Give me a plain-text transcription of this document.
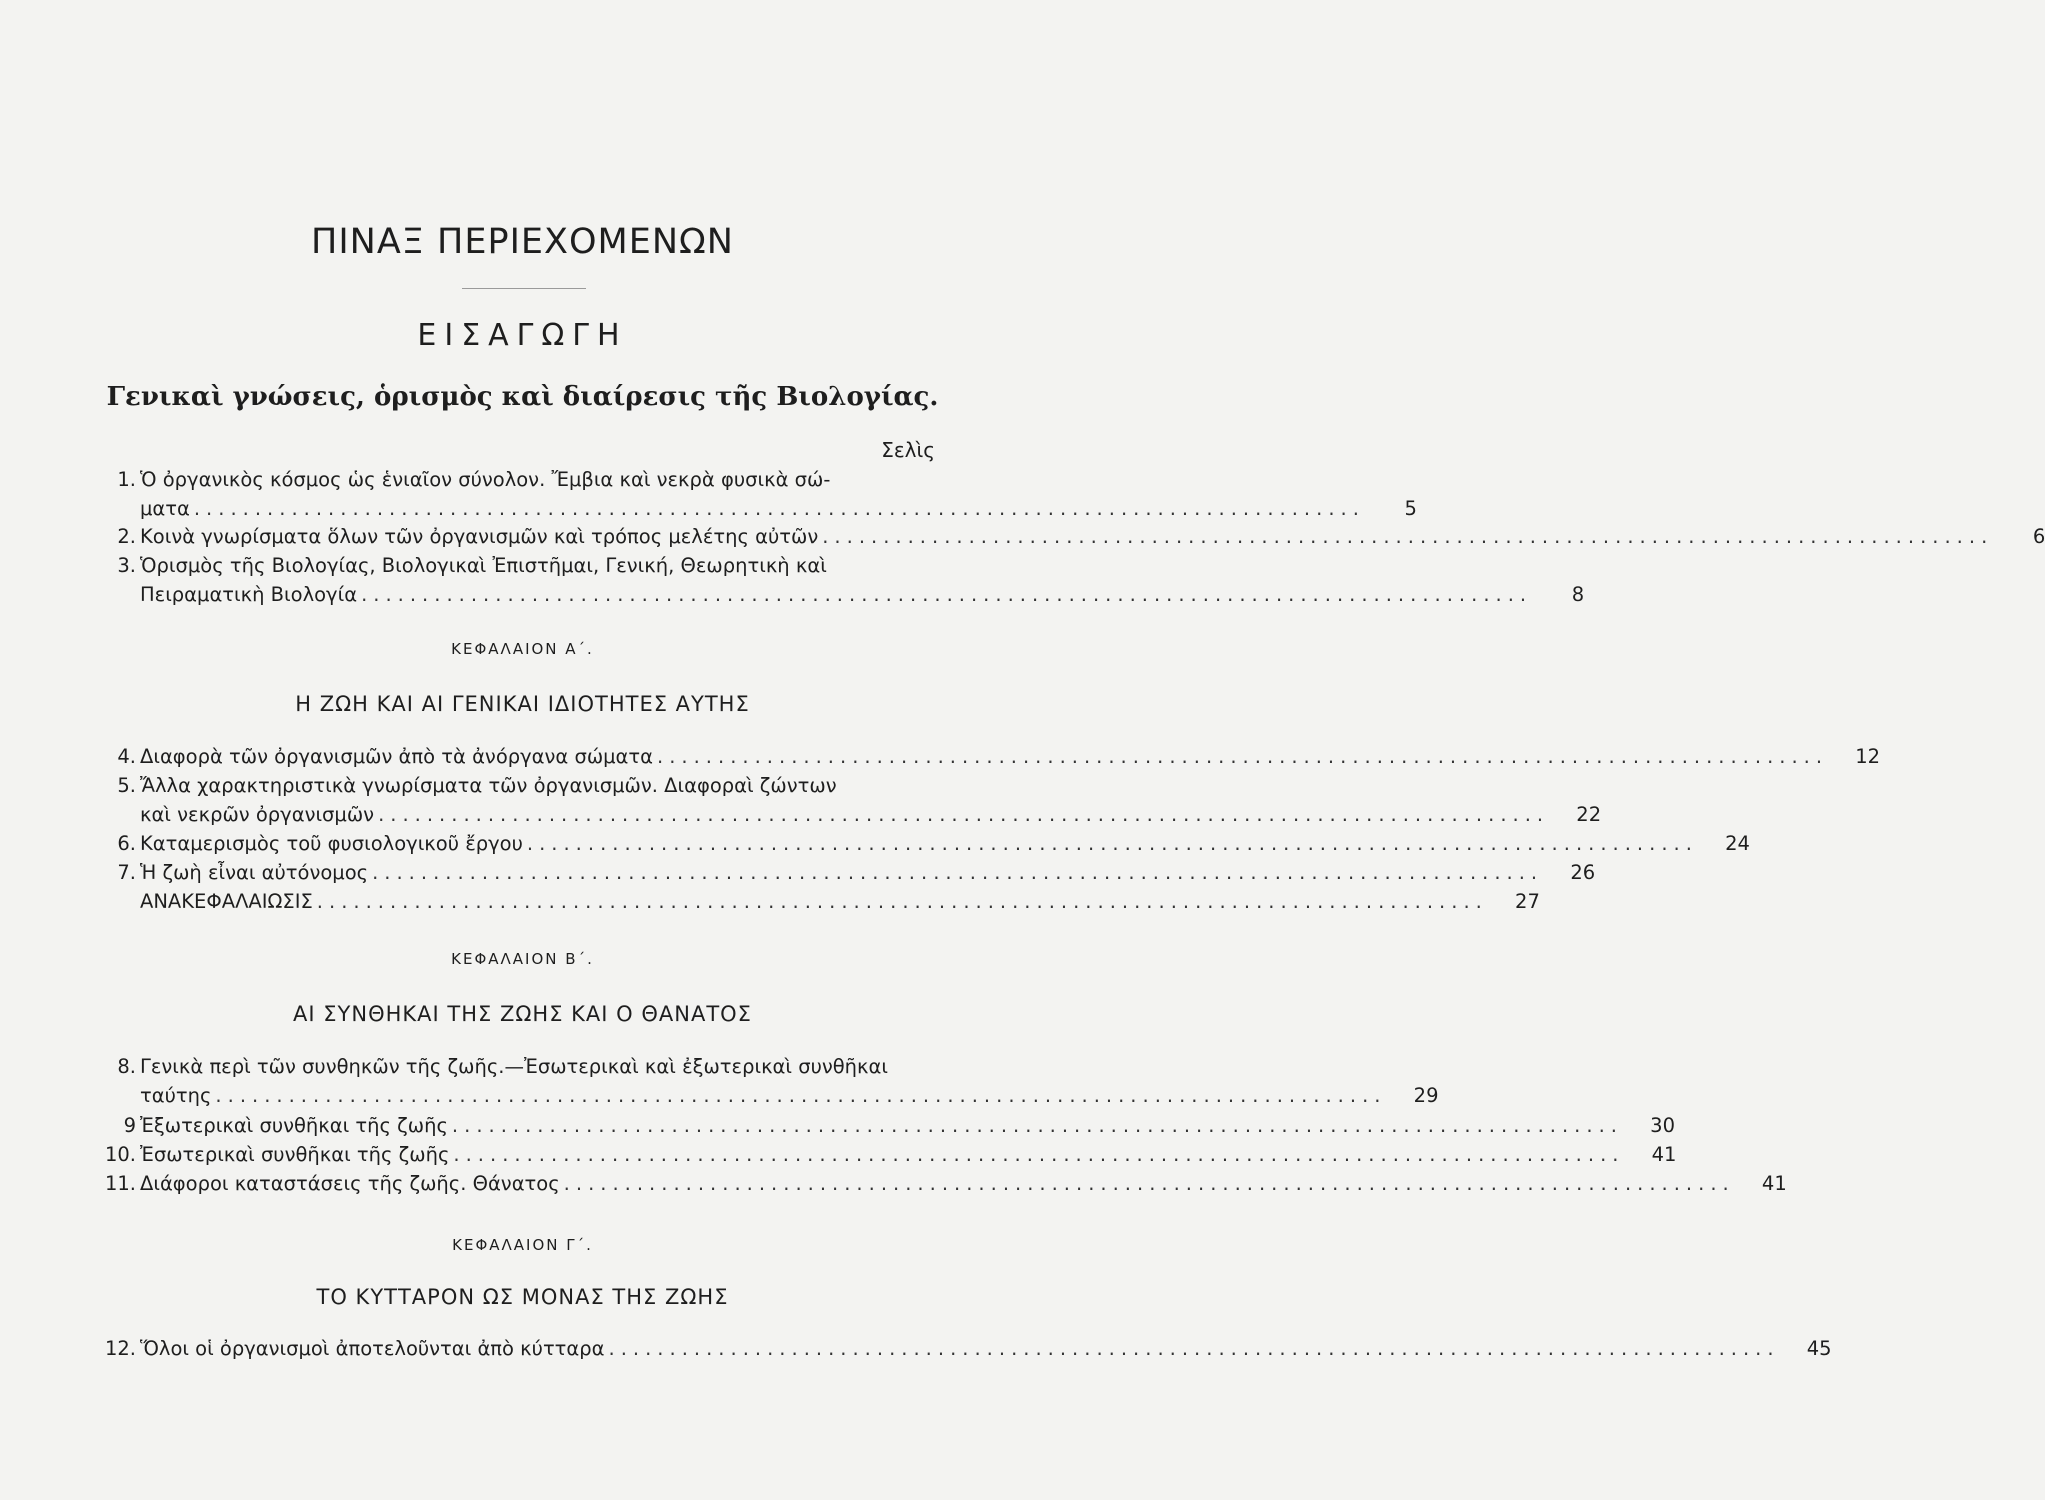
ΠΙΝΑΞ ΠΕΡΙΕΧΟΜΕΝΩΝ
ΕΙΣΑΓΩΓΗ
Γενικαὶ γνώσεις, ὁρισμὸς καὶ διαίρεσις τῆς Βιολογίας.
Σελὶς
1. Ὁ ὀργανικὸς κόσμος ὡς ἑνιαῖον σύνολον. Ἔμβια καὶ νεκρὰ φυσικὰ σώ-
ματα ................................................................................................	5
2. Κοινὰ γνωρίσματα ὅλων τῶν ὀργανισμῶν καὶ τρόπος μελέτης αὐτῶν ................................................................................................	6
3. Ὁρισμὸς τῆς Βιολογίας, Βιολογικαὶ Ἐπιστῆμαι, Γενική, Θεωρητικὴ καὶ
Πειραματικὴ Βιολογία ................................................................................................	8
ΚΕΦΑΛΑΙΟΝ Α΄.
Η ΖΩΗ ΚΑΙ ΑΙ ΓΕΝΙΚΑΙ ΙΔΙΟΤΗΤΕΣ ΑΥΤΗΣ
4. Διαφορὰ τῶν ὀργανισμῶν ἀπὸ τὰ ἀνόργανα σώματα ................................................................................................	12
5. Ἄλλα χαρακτηριστικὰ γνωρίσματα τῶν ὀργανισμῶν. Διαφοραὶ ζώντων
καὶ νεκρῶν ὀργανισμῶν ................................................................................................	22
6. Καταμερισμὸς τοῦ φυσιολογικοῦ ἔργου ................................................................................................	24
7. Ἡ ζωὴ εἶναι αὐτόνομος ................................................................................................	26
ΑΝΑΚΕΦΑΛΑΙΩΣΙΣ ................................................................................................	27
ΚΕΦΑΛΑΙΟΝ Β΄.
ΑΙ ΣΥΝΘΗΚΑΙ ΤΗΣ ΖΩΗΣ ΚΑΙ Ο ΘΑΝΑΤΟΣ
8. Γενικὰ περὶ τῶν συνθηκῶν τῆς ζωῆς.—Ἐσωτερικαὶ καὶ ἐξωτερικαὶ συνθῆκαι
ταύτης ................................................................................................	29
9 Ἐξωτερικαὶ συνθῆκαι τῆς ζωῆς ................................................................................................	30
10. Ἐσωτερικαὶ συνθῆκαι τῆς ζωῆς ................................................................................................	41
11. Διάφοροι καταστάσεις τῆς ζωῆς. Θάνατος ................................................................................................	41
ΚΕΦΑΛΑΙΟΝ Γ΄.
ΤΟ ΚΥΤΤΑΡΟΝ ΩΣ ΜΟΝΑΣ ΤΗΣ ΖΩΗΣ
12. Ὅλοι οἱ ὀργανισμοὶ ἀποτελοῦνται ἀπὸ κύτταρα ................................................................................................	45
